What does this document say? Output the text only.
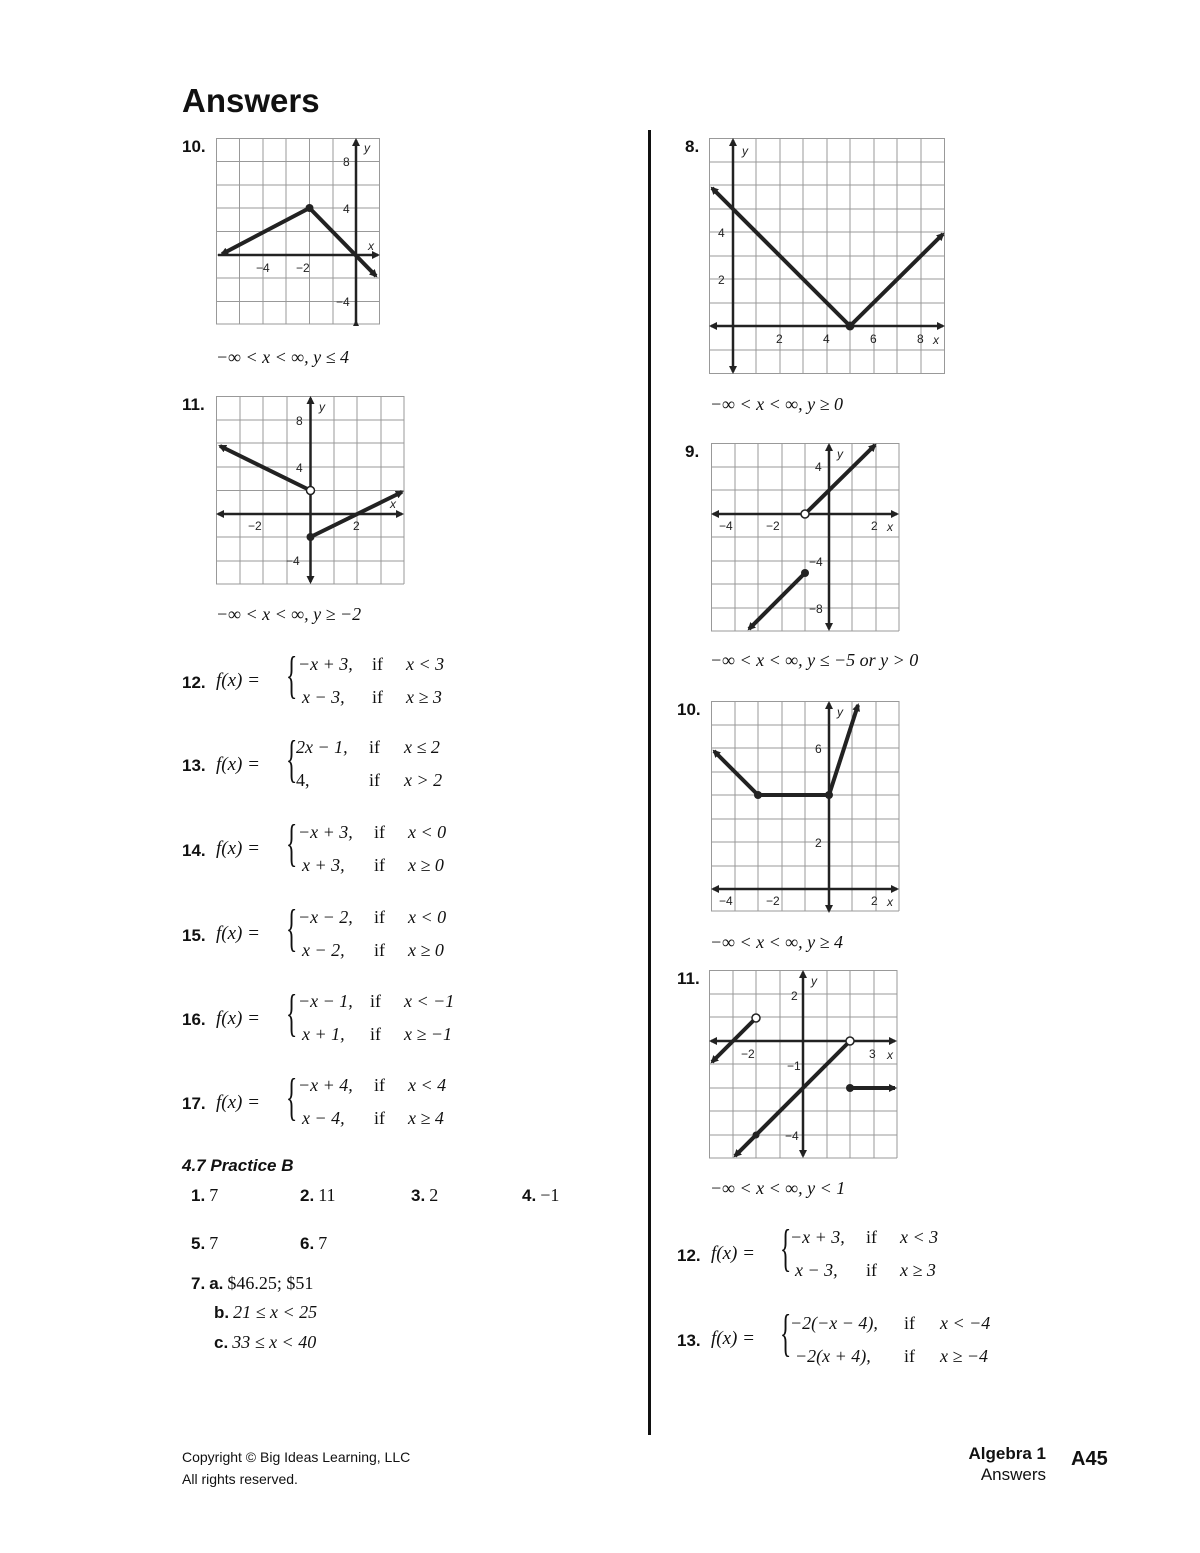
Answers
10.
−4 −2
8
4
−4
x
y
−∞ < x < ∞, y ≤ 4
11.
−2	2
8
4
−4
x
y
−∞ < x < ∞, y ≥ −2
12. f(x) = { −x + 3, if x < 3
x − 3, if x ≥ 3
13. f(x) = {
2x − 1, if x ≤ 2
4,	if x > 2
14. f(x) = { −x + 3, if x < 0
x + 3, if x ≥ 0
15. f(x) = { −x − 2, if x < 0
x − 2, if x ≥ 0
16. f(x) = { −x − 1, if x < −1
x + 1, if x ≥ −1
17. f(x) = { −x + 4, if x < 4
x − 4, if x ≥ 4
4.7 Practice B
1. 7	2. 11	3. 2	4. −1
5. 7	6. 7
7. a. $46.25; $51
b. 21 ≤ x < 25
c. 33 ≤ x < 40
8.
2	4	6	8
4
2
x
y
−∞ < x < ∞, y ≥ 0
9.
−4	−2	2
4
−4
−8
x
y
−∞ < x < ∞, y ≤ −5 or y > 0
10.
−4	−2	2
6
2
x
y
−∞ < x < ∞, y ≥ 4
11.
−2	3
2
−1
−4
x
y
−∞ < x < ∞, y < 1
12. f(x) = {
−x + 3, if x < 3
x − 3, if x ≥ 3
13. f(x) = {
−2(−x − 4), if x < −4
−2(x + 4), if x ≥ −4
Copyright © Big Ideas Learning, LLC
All rights reserved.
Algebra 1
Answers
A45
